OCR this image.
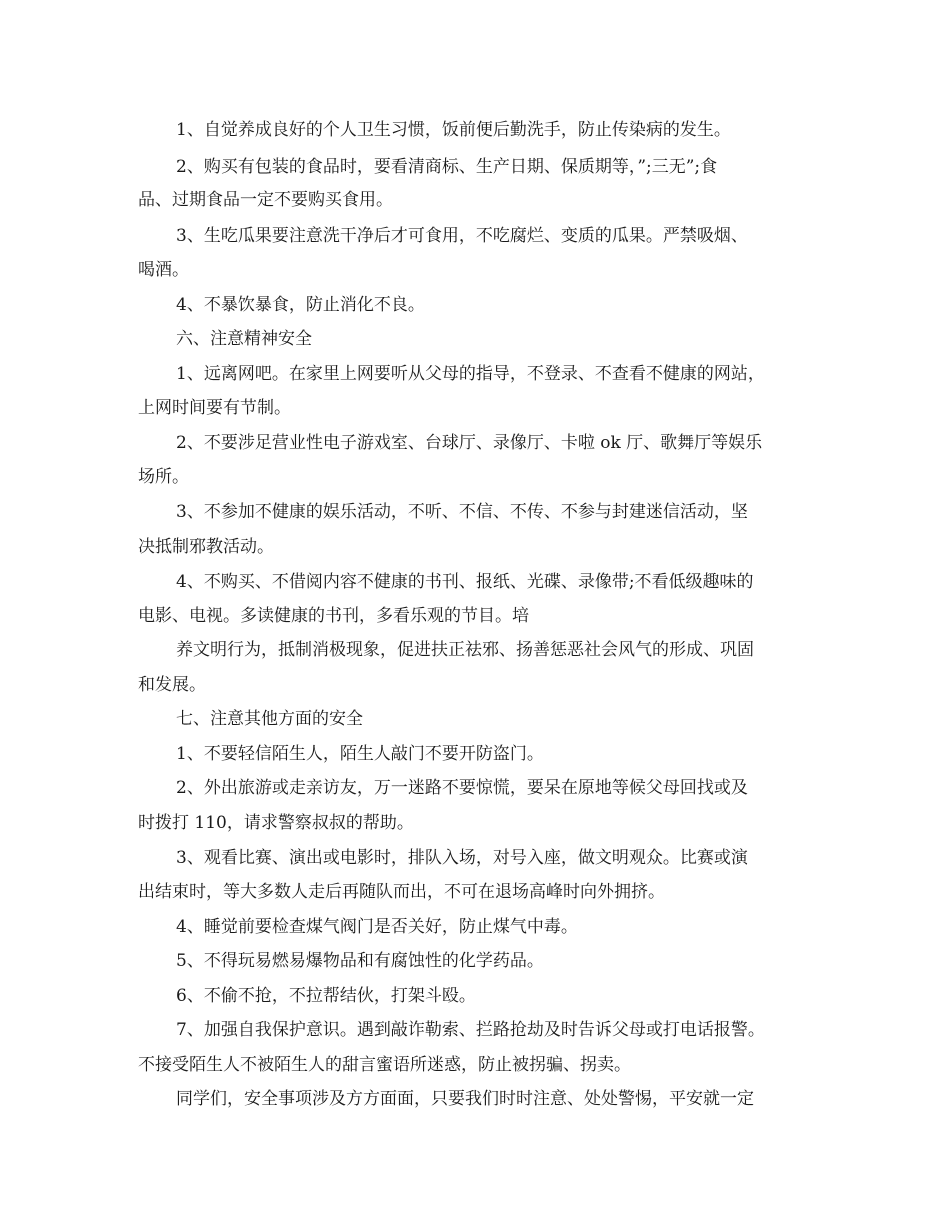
1、自觉养成良好的个人卫生习惯，饭前便后勤洗手，防止传染病的发生。
2、购买有包装的食品时，要看清商标、生产日期、保质期等，”;三无”;食
品、过期食品一定不要购买食用。
3、生吃瓜果要注意洗干净后才可食用，不吃腐烂、变质的瓜果。严禁吸烟、
喝酒。
4、不暴饮暴食，防止消化不良。
六、注意精神安全
1、远离网吧。在家里上网要听从父母的指导，不登录、不查看不健康的网站，
上网时间要有节制。
2、不要涉足营业性电子游戏室、台球厅、录像厅、卡啦 ok 厅、歌舞厅等娱乐
场所。
3、不参加不健康的娱乐活动，不听、不信、不传、不参与封建迷信活动，坚
决抵制邪教活动。
4、不购买、不借阅内容不健康的书刊、报纸、光碟、录像带;不看低级趣味的
电影、电视。多读健康的书刊，多看乐观的节目。培
养文明行为，抵制消极现象，促进扶正祛邪、扬善惩恶社会风气的形成、巩固
和发展。
七、注意其他方面的安全
1、不要轻信陌生人，陌生人敲门不要开防盗门。
2、外出旅游或走亲访友，万一迷路不要惊慌，要呆在原地等候父母回找或及
时拨打 110，请求警察叔叔的帮助。
3、观看比赛、演出或电影时，排队入场，对号入座，做文明观众。比赛或演
出结束时，等大多数人走后再随队而出，不可在退场高峰时向外拥挤。
4、睡觉前要检查煤气阀门是否关好，防止煤气中毒。
5、不得玩易燃易爆物品和有腐蚀性的化学药品。
6、不偷不抢，不拉帮结伙，打架斗殴。
7、加强自我保护意识。遇到敲诈勒索、拦路抢劫及时告诉父母或打电话报警。
不接受陌生人不被陌生人的甜言蜜语所迷惑，防止被拐骗、拐卖。
同学们，安全事项涉及方方面面，只要我们时时注意、处处警惕，平安就一定
